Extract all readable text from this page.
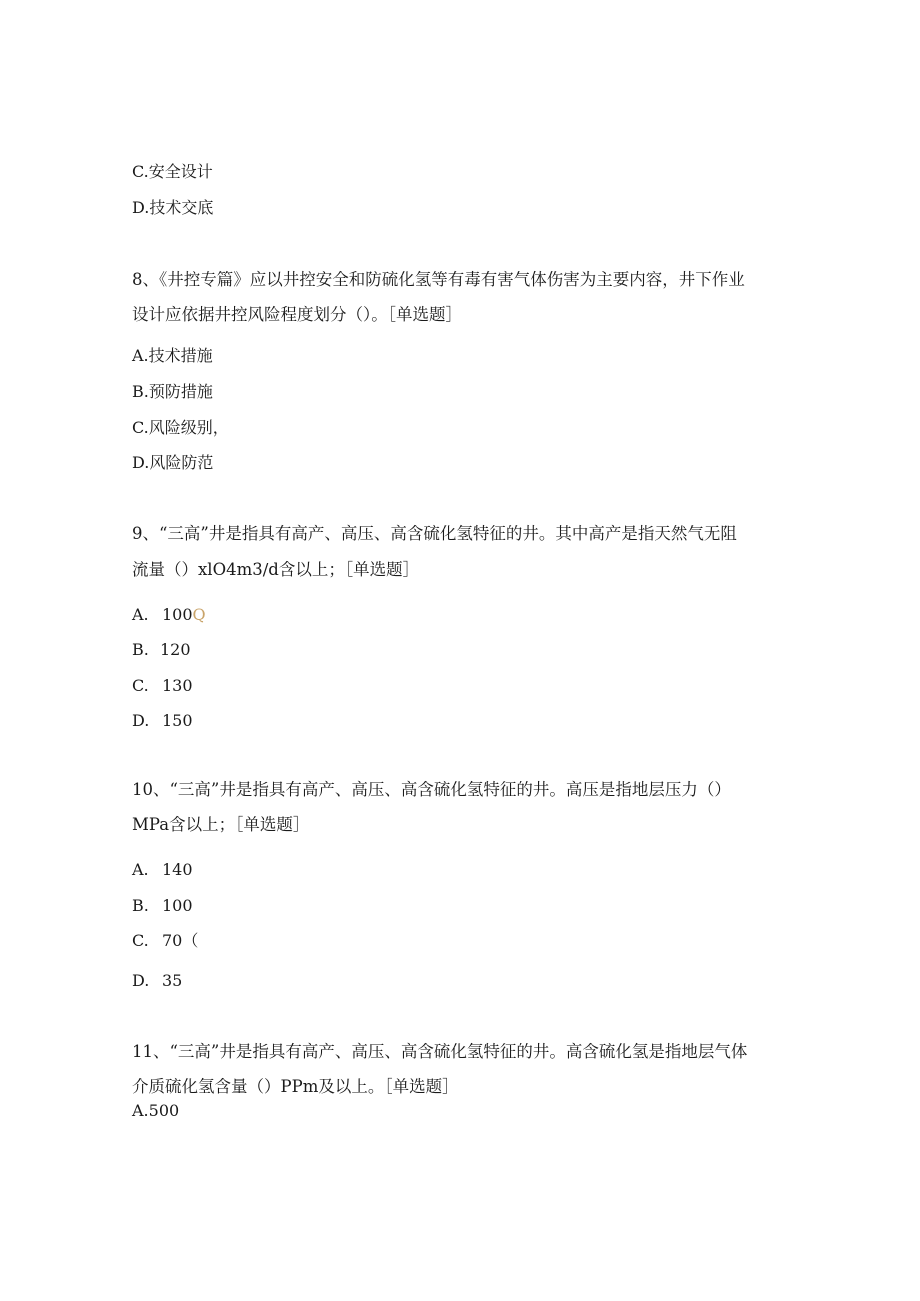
C.安全设计
D.技术交底
8、《井控专篇》应以井控安全和防硫化氢等有毒有害气体伤害为主要内容，井下作业
设计应依据井控风险程度划分（）。［单选题］
A.技术措施
B.预防措施
C.风险级别，
D.风险防范
9、“三高”井是指具有高产、高压、高含硫化氢特征的井。其中高产是指天然气无阻
流量（）xlO4m3∕d含以上；［单选题］
A. 100Q
B. 120
C. 130
D. 150
10、“三高”井是指具有高产、高压、高含硫化氢特征的井。高压是指地层压力（）
MPa含以上；［单选题］
A. 140
B. 100
C. 70（
D. 35
11、“三高”井是指具有高产、高压、高含硫化氢特征的井。高含硫化氢是指地层气体
介质硫化氢含量（）PPm及以上。［单选题］
A.500
